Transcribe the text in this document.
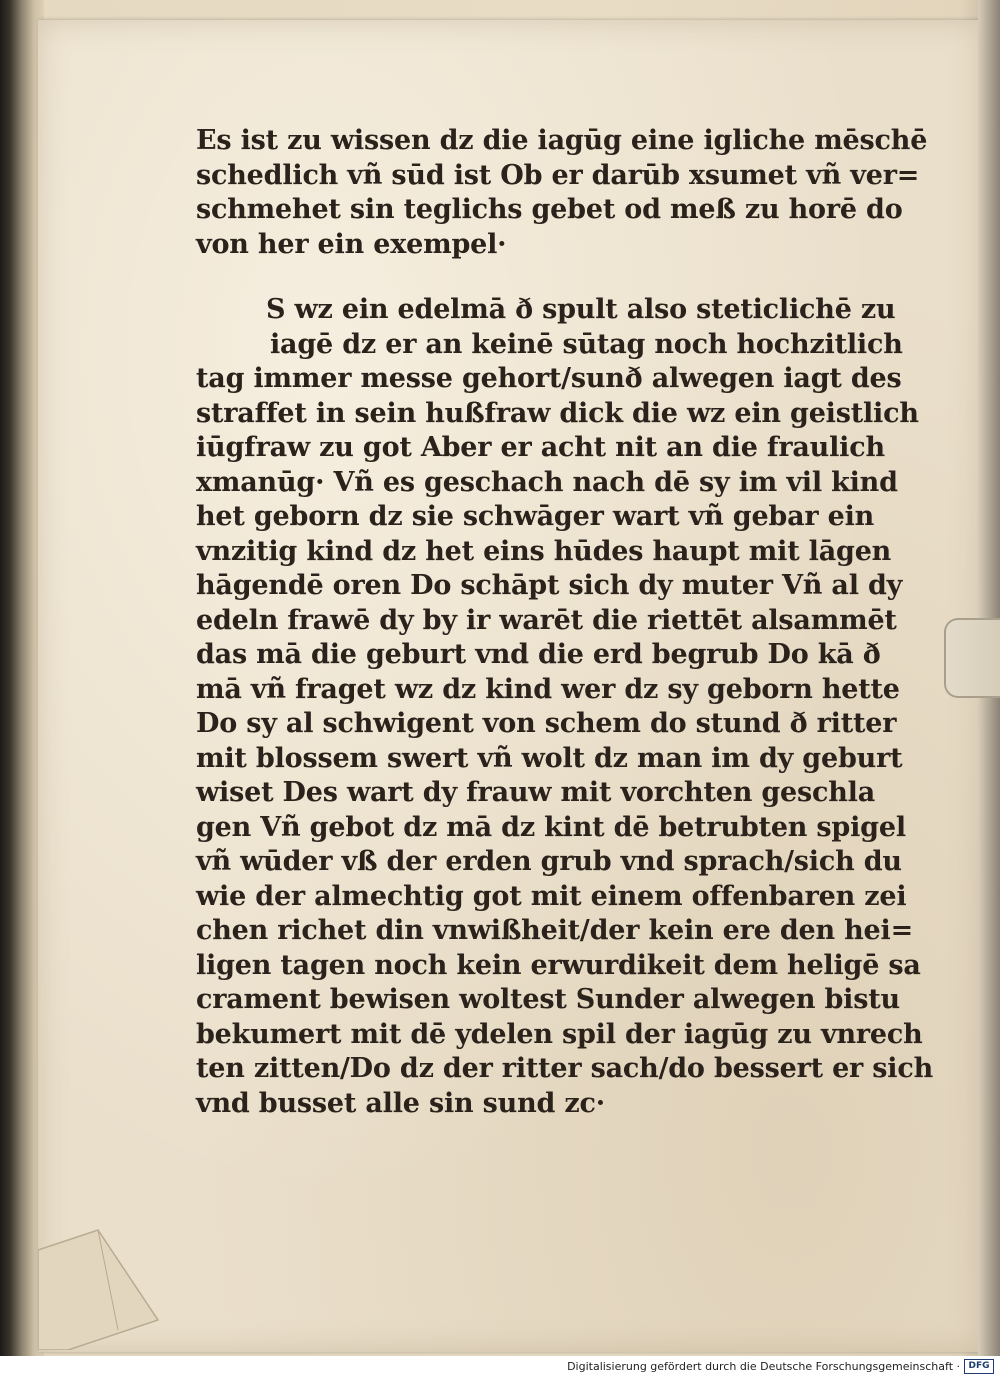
Es ist zu wissen dz die iagūg eine igliche mēschē
schedlich vñ sūd ist Ob er darūb xsumet vñ ver=
schmehet sin teglichs gebet od meß zu horē do
von her ein exempel·
S wz ein edelmā ð spult also steticlichē zu
iagē dz er an keinē sūtag noch hochzitlich
tag immer messe gehort/sunð alwegen iagt des
straffet in sein hußfraw dick die wz ein geistlich
iūgfraw zu got Aber er acht nit an die fraulich
xmanūg· Vñ es geschach nach dē sy im vil kind
het geborn dz sie schwāger wart vñ gebar ein
vnzitig kind dz het eins hūdes haupt mit lāgen
hāgendē oren Do schāpt sich dy muter Vñ al dy
edeln frawē dy by ir warēt die riettēt alsammēt
das mā die geburt vnd die erd begrub Do kā ð
mā vñ fraget wz dz kind wer dz sy geborn hette
Do sy al schwigent von schem do stund ð ritter
mit blossem swert vñ wolt dz man im dy geburt
wiset Des wart dy frauw mit vorchten geschla
gen Vñ gebot dz mā dz kint dē betrubten spigel
vñ wūder vß der erden grub vnd sprach/sich du
wie der almechtig got mit einem offenbaren zei
chen richet din vnwißheit/der kein ere den hei=
ligen tagen noch kein erwurdikeit dem heligē sa
crament bewisen woltest Sunder alwegen bistu
bekumert mit dē ydelen spil der iagūg zu vnrech
ten zitten/Do dz der ritter sach/do bessert er sich
vnd busset alle sin sund zc·
Digitalisierung gefördert durch die Deutsche Forschungsgemeinschaft · DFG
